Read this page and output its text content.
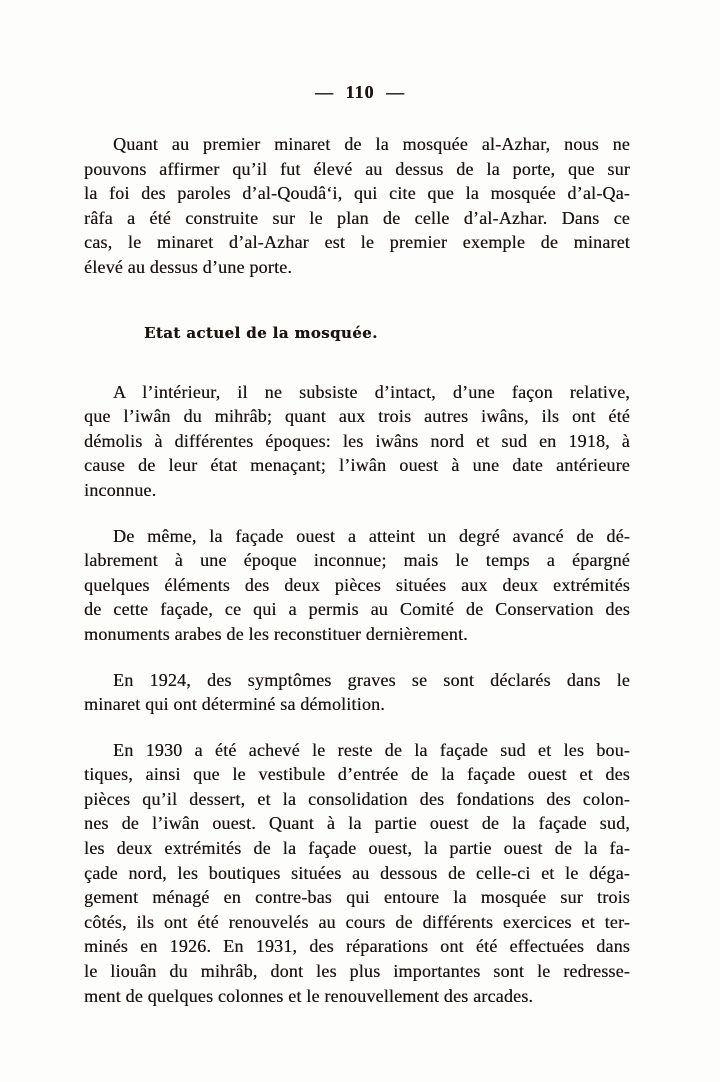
— 110 —
Quant au premier minaret de la mosquée al-Azhar, nous ne
pouvons affirmer qu’il fut élevé au dessus de la porte, que sur
la foi des paroles d’al-Qoudâ‘i, qui cite que la mosquée d’al-Qa-
râfa a été construite sur le plan de celle d’al-Azhar. Dans ce
cas, le minaret d’al-Azhar est le premier exemple de minaret
élevé au dessus d’une porte.
Etat actuel de la mosquée.
A l’intérieur, il ne subsiste d’intact, d’une façon relative,
que l’iwân du mihrâb; quant aux trois autres iwâns, ils ont été
démolis à différentes époques: les iwâns nord et sud en 1918, à
cause de leur état menaçant; l’iwân ouest à une date antérieure
inconnue.
De même, la façade ouest a atteint un degré avancé de dé-
labrement à une époque inconnue; mais le temps a épargné
quelques éléments des deux pièces situées aux deux extrémités
de cette façade, ce qui a permis au Comité de Conservation des
monuments arabes de les reconstituer dernièrement.
En 1924, des symptômes graves se sont déclarés dans le
minaret qui ont déterminé sa démolition.
En 1930 a été achevé le reste de la façade sud et les bou-
tiques, ainsi que le vestibule d’entrée de la façade ouest et des
pièces qu’il dessert, et la consolidation des fondations des colon-
nes de l’iwân ouest. Quant à la partie ouest de la façade sud,
les deux extrémités de la façade ouest, la partie ouest de la fa-
çade nord, les boutiques situées au dessous de celle-ci et le déga-
gement ménagé en contre-bas qui entoure la mosquée sur trois
côtés, ils ont été renouvelés au cours de différents exercices et ter-
minés en 1926. En 1931, des réparations ont été effectuées dans
le liouân du mihrâb, dont les plus importantes sont le redresse-
ment de quelques colonnes et le renouvellement des arcades.
